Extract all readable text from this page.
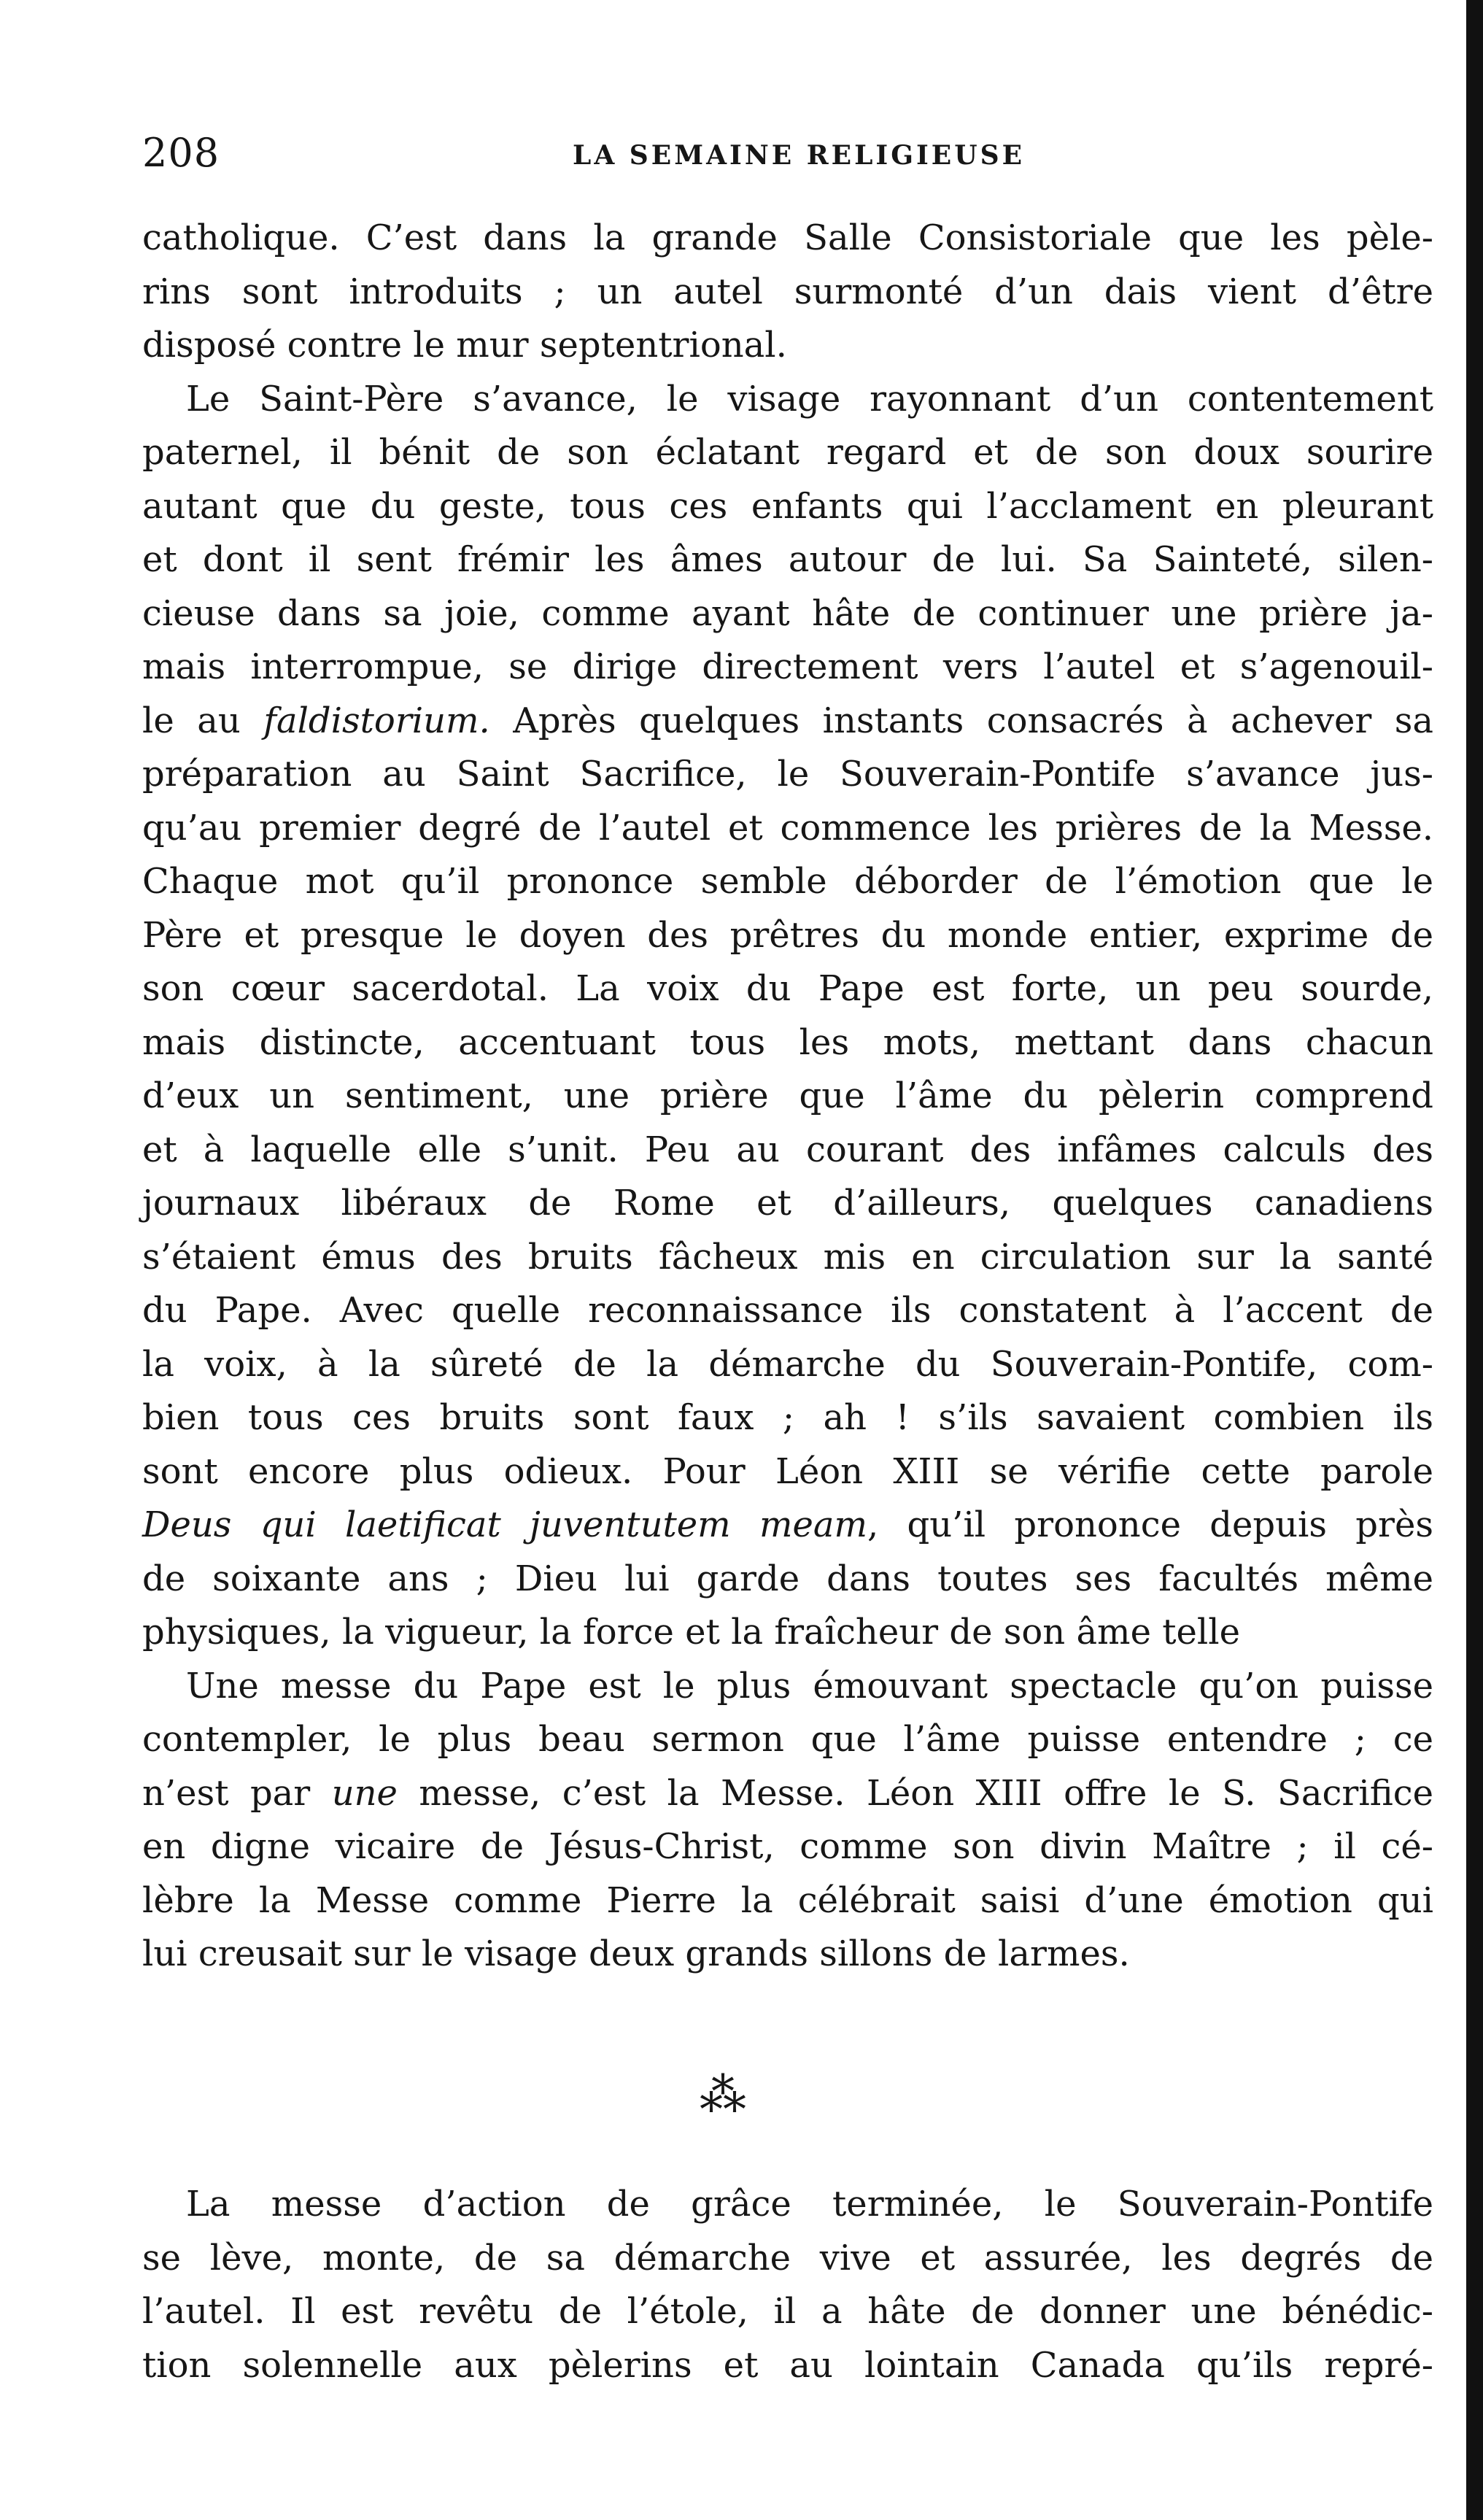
208	LA SEMAINE RELIGIEUSE
catholique. C’est dans la grande Salle Consistoriale que les pèle-
rins sont introduits ; un autel surmonté d’un dais vient d’être
disposé contre le mur septentrional.
Le Saint-Père s’avance, le visage rayonnant d’un contentement
paternel, il bénit de son éclatant regard et de son doux sourire
autant que du geste, tous ces enfants qui l’acclament en pleurant
et dont il sent frémir les âmes autour de lui. Sa Sainteté, silen-
cieuse dans sa joie, comme ayant hâte de continuer une prière ja-
mais interrompue, se dirige directement vers l’autel et s’agenouil-
le au faldistorium. Après quelques instants consacrés à achever sa
préparation au Saint Sacrifice, le Souverain-Pontife s’avance jus-
qu’au premier degré de l’autel et commence les prières de la Messe.
Chaque mot qu’il prononce semble déborder de l’émotion que le
Père et presque le doyen des prêtres du monde entier, exprime de
son cœur sacerdotal. La voix du Pape est forte, un peu sourde,
mais distincte, accentuant tous les mots, mettant dans chacun
d’eux un sentiment, une prière que l’âme du pèlerin comprend
et à laquelle elle s’unit. Peu au courant des infâmes calculs des
journaux libéraux de Rome et d’ailleurs, quelques canadiens
s’étaient émus des bruits fâcheux mis en circulation sur la santé
du Pape. Avec quelle reconnaissance ils constatent à l’accent de
la voix, à la sûreté de la démarche du Souverain-Pontife, com-
bien tous ces bruits sont faux ; ah ! s’ils savaient combien ils
sont encore plus odieux. Pour Léon XIII se vérifie cette parole
Deus qui laetificat juventutem meam, qu’il prononce depuis près
de soixante ans ; Dieu lui garde dans toutes ses facultés même
physiques, la vigueur, la force et la fraîcheur de son âme telle
Une messe du Pape est le plus émouvant spectacle qu’on puisse
contempler, le plus beau sermon que l’âme puisse entendre ; ce
n’est par une messe, c’est la Messe. Léon XIII offre le S. Sacrifice
en digne vicaire de Jésus-Christ, comme son divin Maître ; il cé-
lèbre la Messe comme Pierre la célébrait saisi d’une émotion qui
lui creusait sur le visage deux grands sillons de larmes.
⁂
La messe d’action de grâce terminée, le Souverain-Pontife
se lève, monte, de sa démarche vive et assurée, les degrés de
l’autel. Il est revêtu de l’étole, il a hâte de donner une bénédic-
tion solennelle aux pèlerins et au lointain Canada qu’ils repré-
